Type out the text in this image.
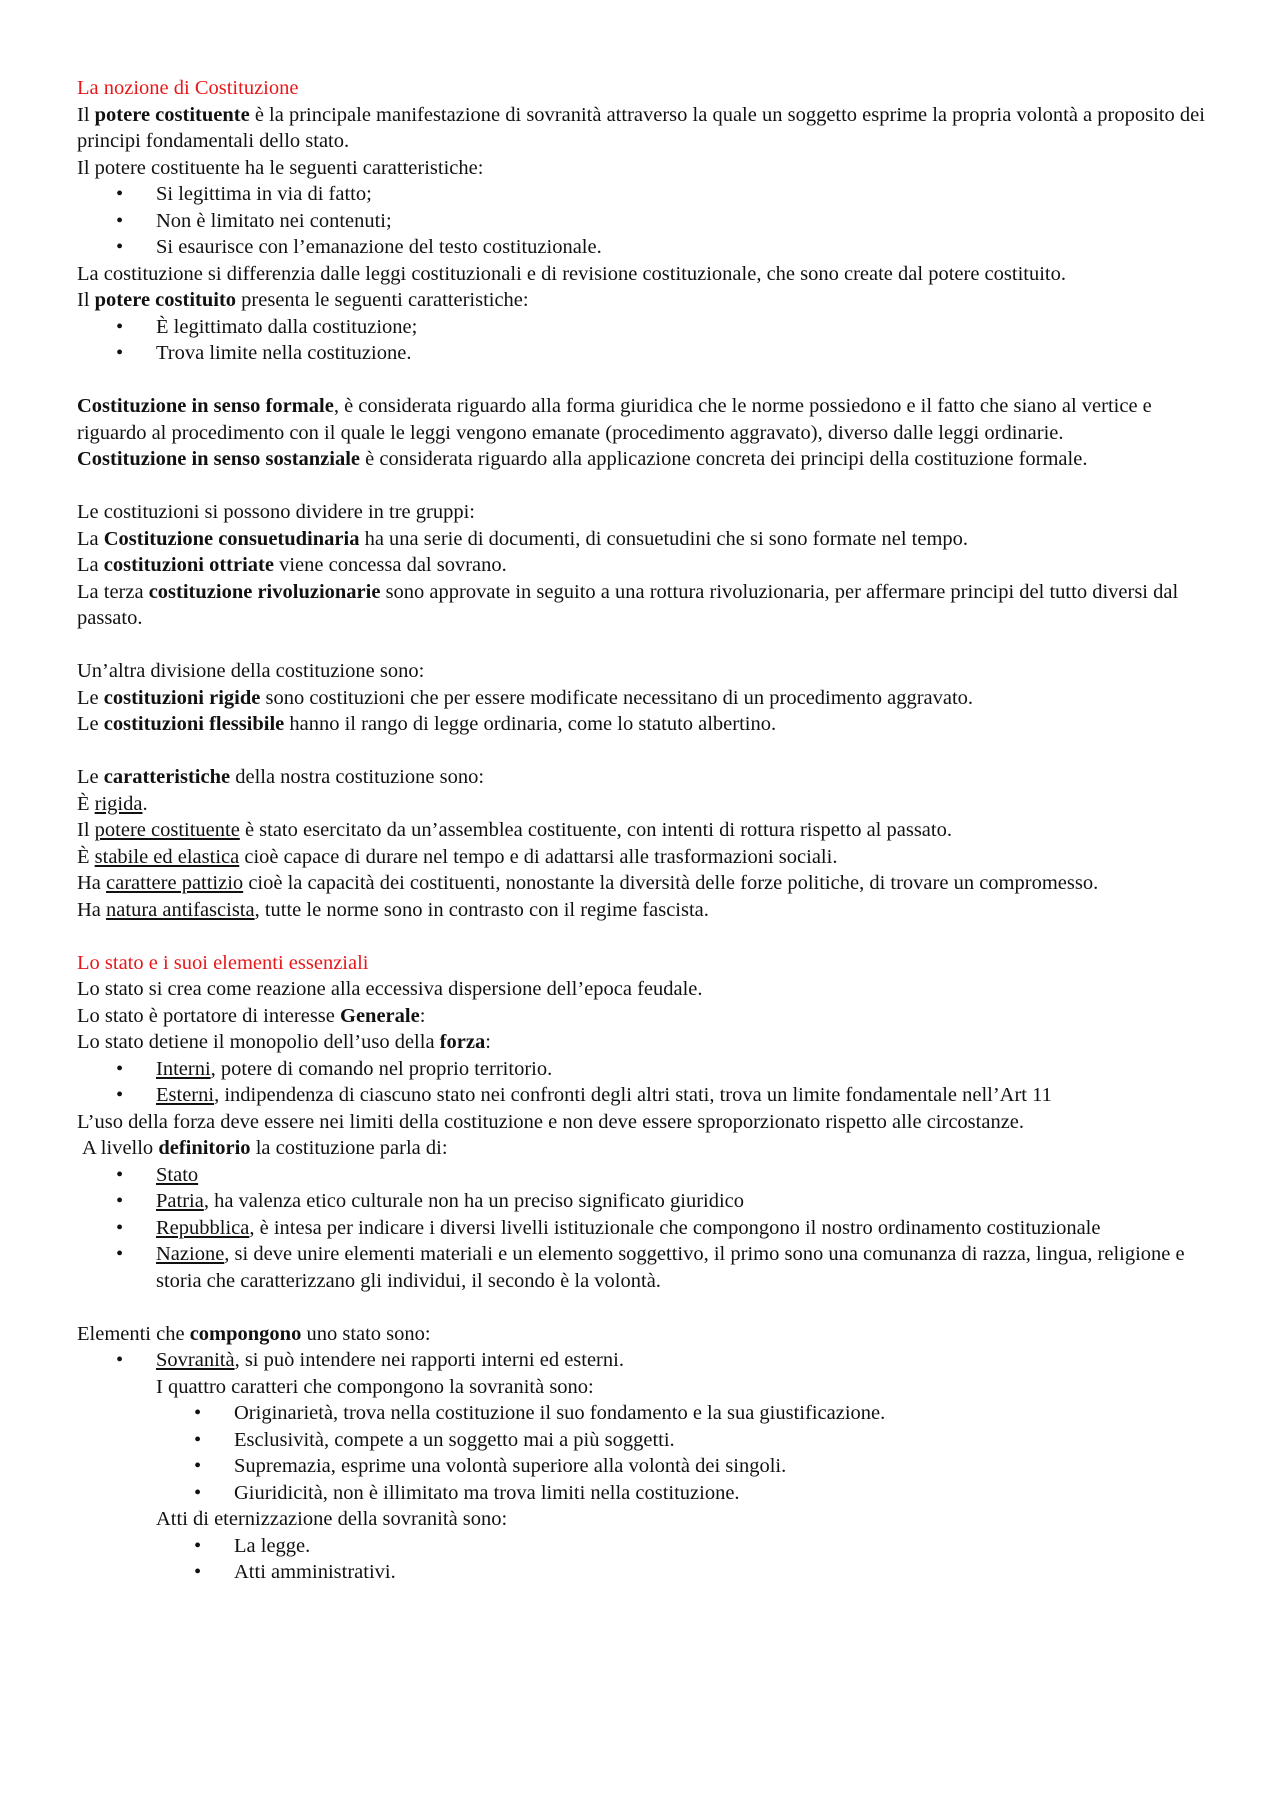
La nozione di Costituzione

Il potere costituente è la principale manifestazione di sovranità attraverso la quale un soggetto esprime la propria volontà a proposito dei principi fondamentali dello stato.

Il potere costituente ha le seguenti caratteristiche:

• Si legittima in via di fatto;
• Non è limitato nei contenuti;
• Si esaurisce con l’emanazione del testo costituzionale.

La costituzione si differenzia dalle leggi costituzionali e di revisione costituzionale, che sono create dal potere costituito.

Il potere costituito presenta le seguenti caratteristiche:

• È legittimato dalla costituzione;
• Trova limite nella costituzione.

Costituzione in senso formale, è considerata riguardo alla forma giuridica che le norme possiedono e il fatto che siano al vertice e riguardo al procedimento con il quale le leggi vengono emanate (procedimento aggravato), diverso dalle leggi ordinarie.

Costituzione in senso sostanziale è considerata riguardo alla applicazione concreta dei principi della costituzione formale.

Le costituzioni si possono dividere in tre gruppi:

La Costituzione consuetudinaria ha una serie di documenti, di consuetudini che si sono formate nel tempo.

La costituzioni ottriate viene concessa dal sovrano.

La terza costituzione rivoluzionarie sono approvate in seguito a una rottura rivoluzionaria, per affermare principi del tutto diversi dal passato.

Un’altra divisione della costituzione sono:

Le costituzioni rigide sono costituzioni che per essere modificate necessitano di un procedimento aggravato.

Le costituzioni flessibile hanno il rango di legge ordinaria, come lo statuto albertino.

Le caratteristiche della nostra costituzione sono:

È rigida.

Il potere costituente è stato esercitato da un’assemblea costituente, con intenti di rottura rispetto al passato.

È stabile ed elastica cioè capace di durare nel tempo e di adattarsi alle trasformazioni sociali.

Ha carattere pattizio cioè la capacità dei costituenti, nonostante la diversità delle forze politiche, di trovare un compromesso.

Ha natura antifascista, tutte le norme sono in contrasto con il regime fascista.

Lo stato e i suoi elementi essenziali

Lo stato si crea come reazione alla eccessiva dispersione dell’epoca feudale.

Lo stato è portatore di interesse Generale:

Lo stato detiene il monopolio dell’uso della forza:

• Interni, potere di comando nel proprio territorio.
• Esterni, indipendenza di ciascuno stato nei confronti degli altri stati, trova un limite fondamentale nell’Art 11

L’uso della forza deve essere nei limiti della costituzione e non deve essere sproporzionato rispetto alle circostanze.

A livello definitorio la costituzione parla di:

• Stato
• Patria, ha valenza etico culturale non ha un preciso significato giuridico
• Repubblica, è intesa per indicare i diversi livelli istituzionale che compongono il nostro ordinamento costituzionale
• Nazione, si deve unire elementi materiali e un elemento soggettivo, il primo sono una comunanza di razza, lingua, religione e storia che caratterizzano gli individui, il secondo è la volontà.

Elementi che compongono uno stato sono:

• Sovranità, si può intendere nei rapporti interni ed esterni.

I quattro caratteri che compongono la sovranità sono:

• Originarietà, trova nella costituzione il suo fondamento e la sua giustificazione.
• Esclusività, compete a un soggetto mai a più soggetti.
• Supremazia, esprime una volontà superiore alla volontà dei singoli.
• Giuridicità, non è illimitato ma trova limiti nella costituzione.

Atti di eternizzazione della sovranità sono:

• La legge.
• Atti amministrativi.
